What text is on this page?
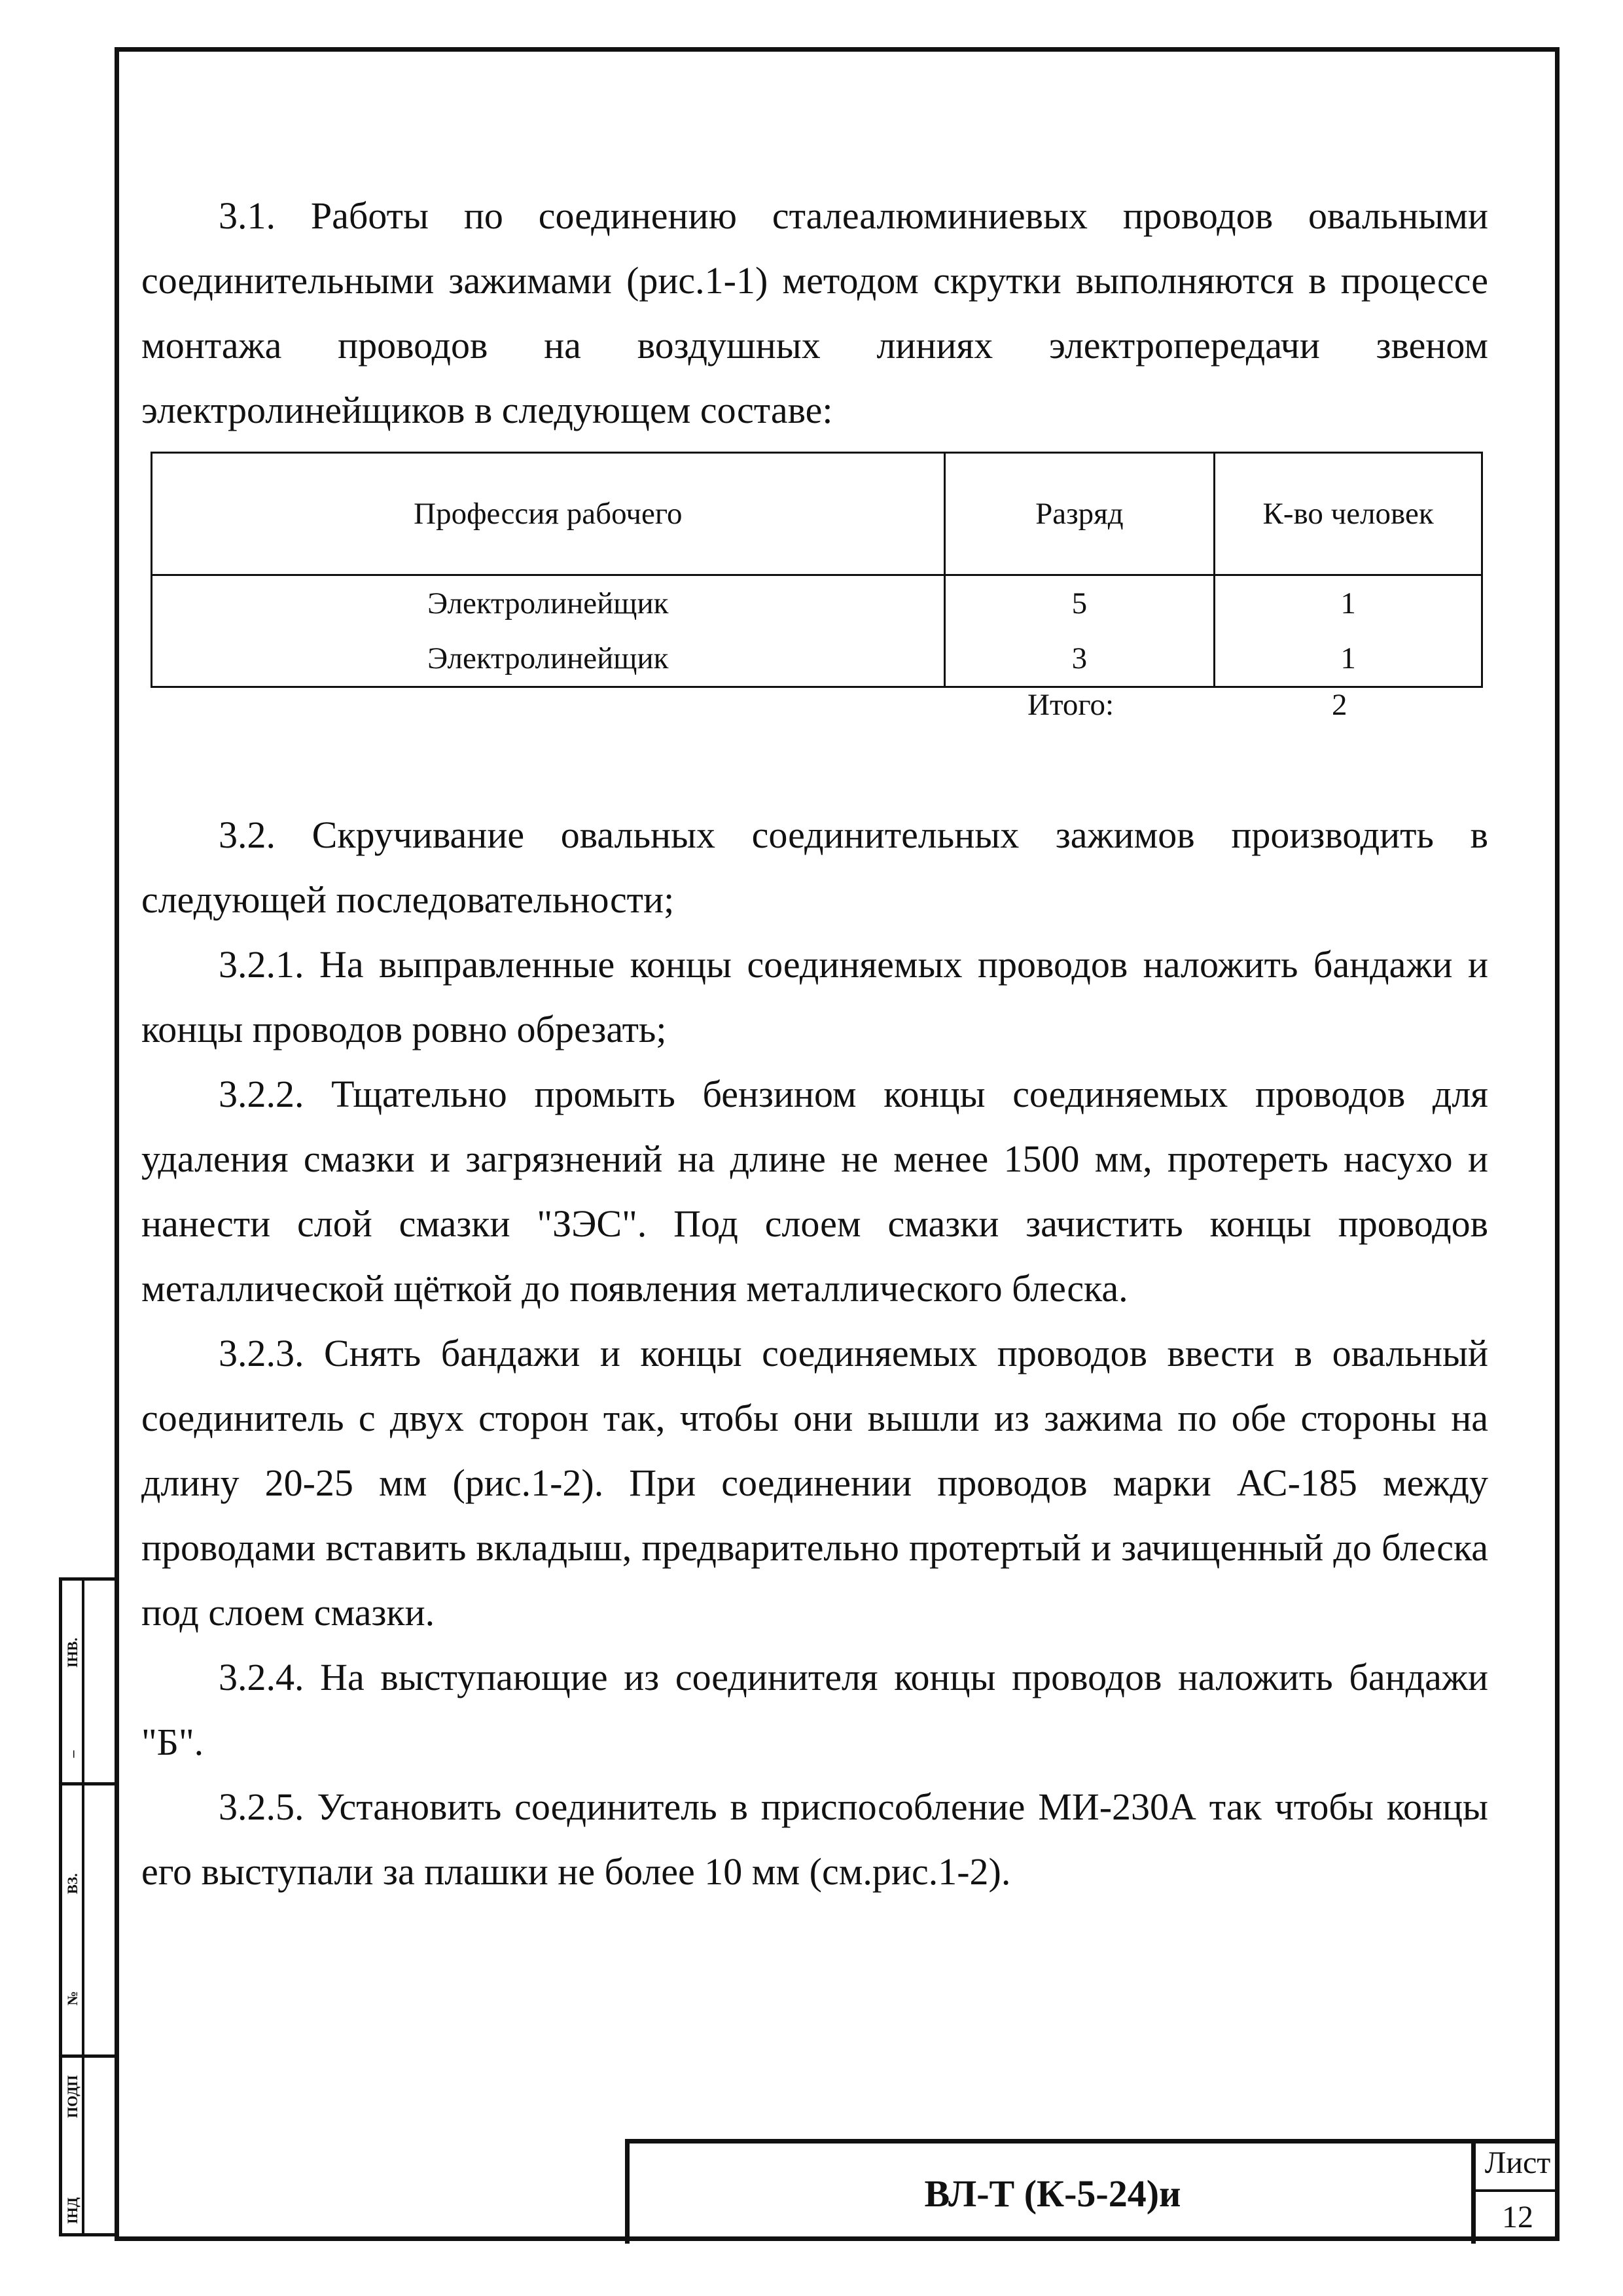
ІНВ.
–
ВЗ.
№
ПОДП
ІНД

3.1. Работы по соединению сталеалюминиевых проводов овальными соединительными зажимами (рис.1-1) методом скрутки выполняются в процессе монтажа проводов на воздушных линиях электропередачи звеном электролинейщиков в следующем составе:

Профессия рабочего	Разряд	К-во человек
Электролинейщик	5	1
Электролинейщик	3	1
Итого:	2

3.2. Скручивание овальных соединительных зажимов производить в следующей последовательности;

3.2.1. На выправленные концы соединяемых проводов наложить бандажи и концы проводов ровно обрезать;

3.2.2. Тщательно промыть бензином концы соединяемых проводов для удаления смазки и загрязнений на длине не менее 1500 мм, протереть насухо и нанести слой смазки "ЗЭС". Под слоем смазки зачистить концы проводов металлической щёткой до появления металлического блеска.

3.2.3. Снять бандажи и концы соединяемых проводов ввести в овальный соединитель с двух сторон так, чтобы они вышли из зажима по обе стороны на длину 20-25 мм (рис.1-2). При соединении проводов марки АС-185 между проводами вставить вкладыш, предварительно протертый и зачищенный до блеска под слоем смазки.

3.2.4. На выступающие из соединителя концы проводов наложить бандажи "Б".

3.2.5. Установить соединитель в приспособление МИ-230А так чтобы концы его выступали за плашки не более 10 мм (см.рис.1-2).

ВЛ-Т (К-5-24)и
Лист
12
